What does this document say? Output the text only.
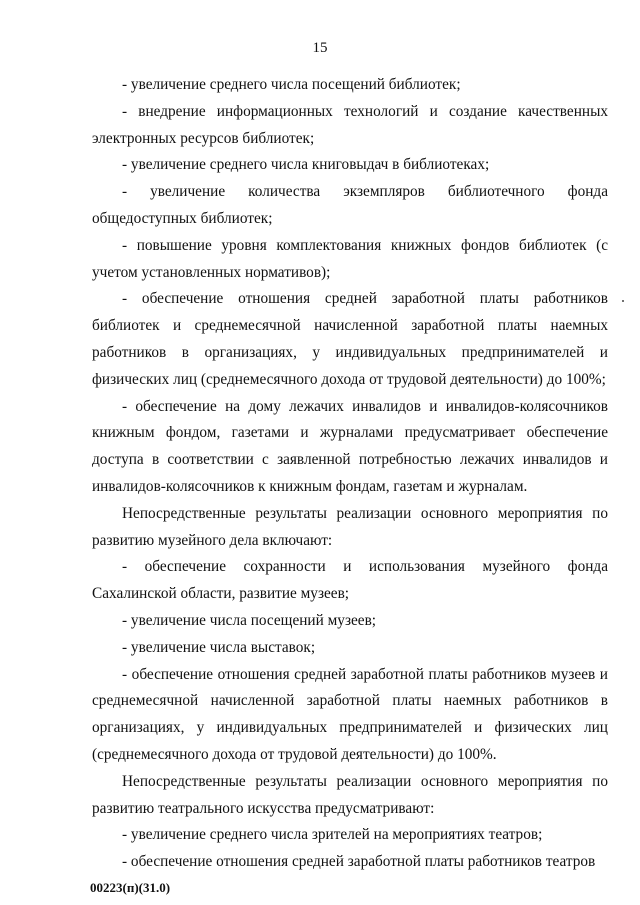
15

- увеличение среднего числа посещений библиотек;

- внедрение информационных технологий и создание качественных электронных ресурсов библиотек;

- увеличение среднего числа книговыдач в библиотеках;

- увеличение количества экземпляров библиотечного фонда общедоступных библиотек;

- повышение уровня комплектования книжных фондов библиотек (с учетом установленных нормативов);

- обеспечение отношения средней заработной платы работников библиотек и среднемесячной начисленной заработной платы наемных работников в организациях, у индивидуальных предпринимателей и физических лиц (среднемесячного дохода от трудовой деятельности) до 100%;

- обеспечение на дому лежачих инвалидов и инвалидов-колясочников книжным фондом, газетами и журналами предусматривает обеспечение доступа в соответствии с заявленной потребностью лежачих инвалидов и инвалидов-колясочников к книжным фондам, газетам и журналам.

Непосредственные результаты реализации основного мероприятия по развитию музейного дела включают:

- обеспечение сохранности и использования музейного фонда Сахалинской области, развитие музеев;

- увеличение числа посещений музеев;

- увеличение числа выставок;

- обеспечение отношения средней заработной платы работников музеев и среднемесячной начисленной заработной платы наемных работников в организациях, у индивидуальных предпринимателей и физических лиц (среднемесячного дохода от трудовой деятельности) до 100%.

Непосредственные результаты реализации основного мероприятия по развитию театрального искусства предусматривают:

- увеличение среднего числа зрителей на мероприятиях театров;

- обеспечение отношения средней заработной платы работников театров

00223(п)(31.0)
